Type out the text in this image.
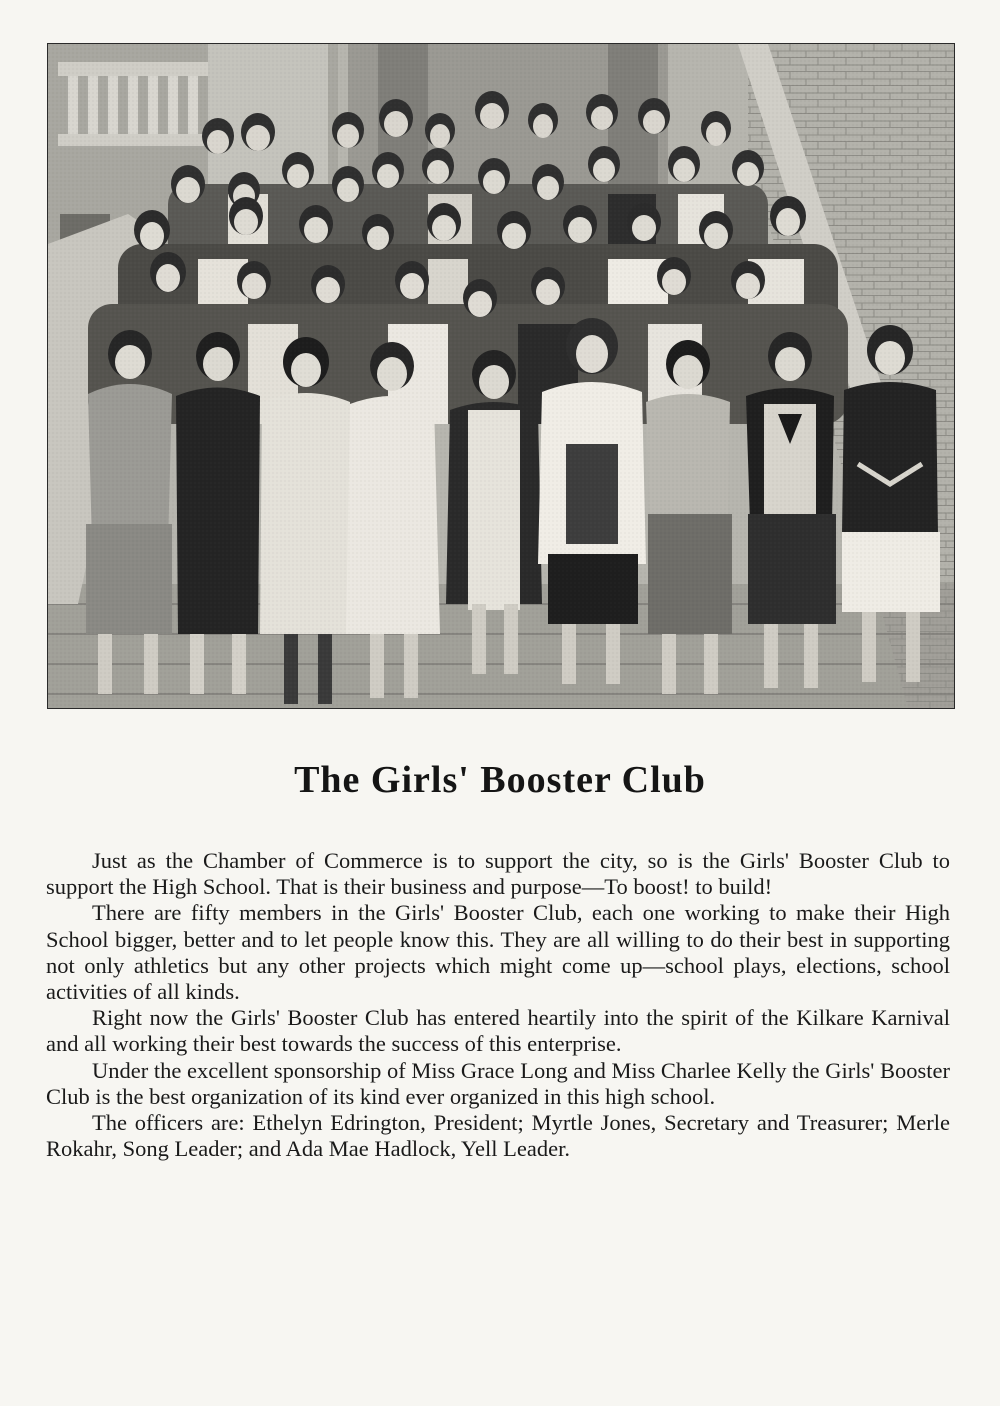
The Girls' Booster Club

Just as the Chamber of Commerce is to support the city, so is the Girls' Booster Club to support the High School. That is their business and purpose—To boost! to build!

There are fifty members in the Girls' Booster Club, each one working to make their High School bigger, better and to let people know this. They are all willing to do their best in supporting not only athletics but any other projects which might come up—school plays, elections, school activities of all kinds.

Right now the Girls' Booster Club has entered heartily into the spirit of the Kilkare Karnival and all working their best towards the success of this enterprise.

Under the excellent sponsorship of Miss Grace Long and Miss Charlee Kelly the Girls' Booster Club is the best organization of its kind ever organized in this high school.

The officers are: Ethelyn Edrington, President; Myrtle Jones, Secretary and Treasurer; Merle Rokahr, Song Leader; and Ada Mae Hadlock, Yell Leader.
